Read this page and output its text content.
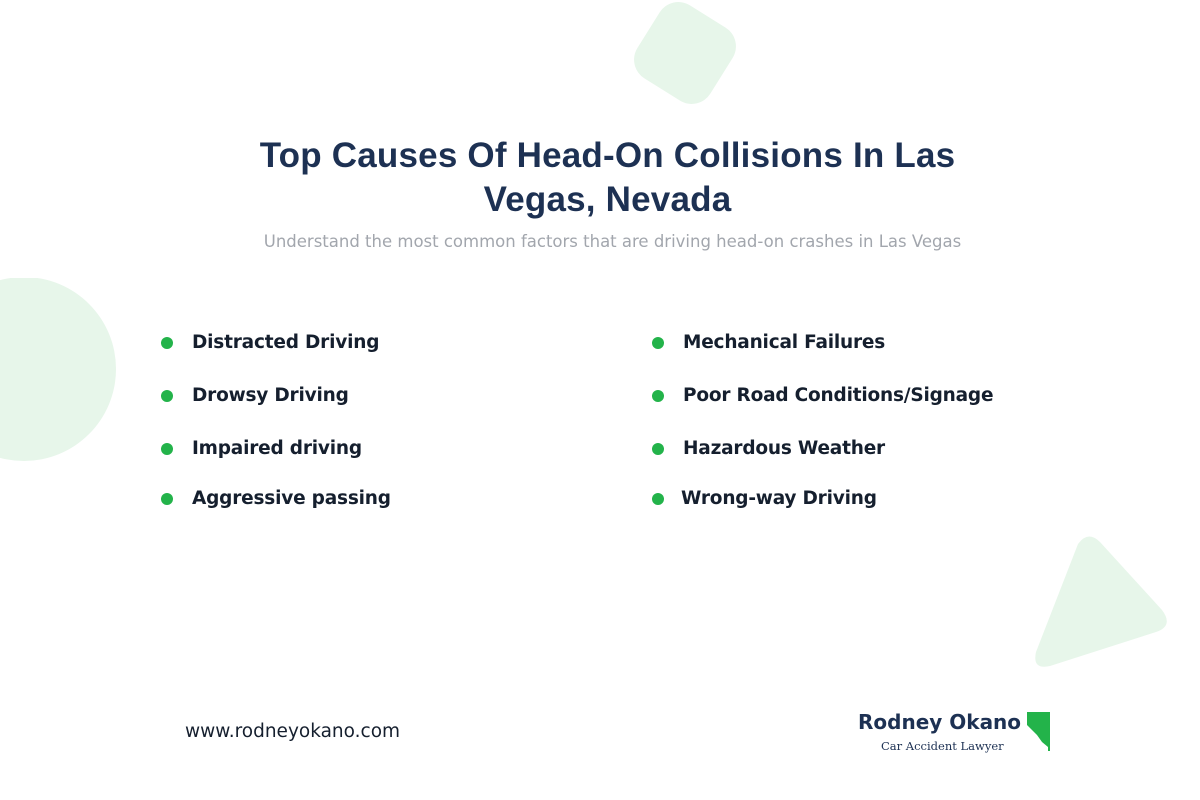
Top Causes Of Head-On Collisions In Las
Vegas, Nevada

Understand the most common factors that are driving head-on crashes in Las Vegas

Distracted Driving
Drowsy Driving
Impaired driving
Aggressive passing
Mechanical Failures
Poor Road Conditions/Signage
Hazardous Weather
Wrong-way Driving
www.rodneyokano.com	Rodney Okano
Car Accident Lawyer
